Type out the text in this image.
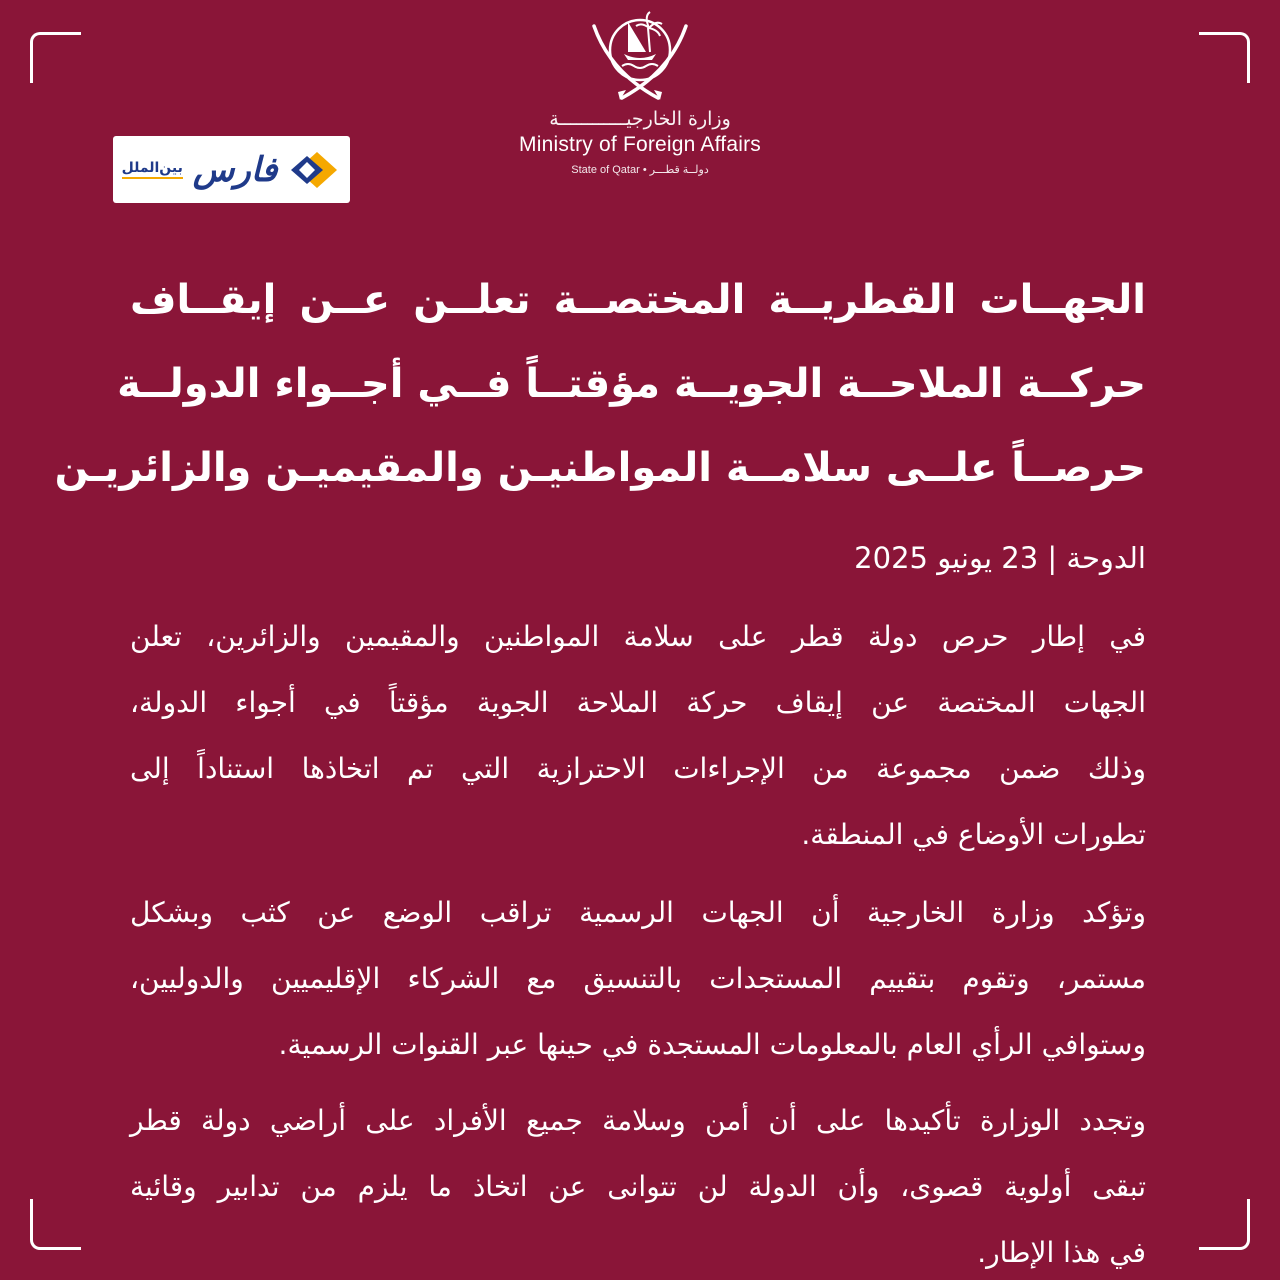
وزارة الخارجيــــــــــــة
Ministry of Foreign Affairs
State of Qatar • دولــة قطـــر
بین‌الملل فارس
الجهــات القطريــة المختصــة تعلــن عــن إيقــاف
حركــة الملاحــة الجويــة مؤقتــاً فــي أجــواء الدولــة
حرصــاً علــى سلامــة المواطنيـن والمقيميـن والزائريـن
الدوحة | 23 يونيو 2025
في إطار حرص دولة قطر على سلامة المواطنين والمقيمين والزائرين، تعلن
الجهات المختصة عن إيقاف حركة الملاحة الجوية مؤقتاً في أجواء الدولة،
وذلك ضمن مجموعة من الإجراءات الاحترازية التي تم اتخاذها استناداً إلى
تطورات الأوضاع في المنطقة.
وتؤكد وزارة الخارجية أن الجهات الرسمية تراقب الوضع عن كثب وبشكل
مستمر، وتقوم بتقييم المستجدات بالتنسيق مع الشركاء الإقليميين والدوليين،
وستوافي الرأي العام بالمعلومات المستجدة في حينها عبر القنوات الرسمية.
وتجدد الوزارة تأكيدها على أن أمن وسلامة جميع الأفراد على أراضي دولة قطر
تبقى أولوية قصوى، وأن الدولة لن تتوانى عن اتخاذ ما يلزم من تدابير وقائية
في هذا الإطار.
